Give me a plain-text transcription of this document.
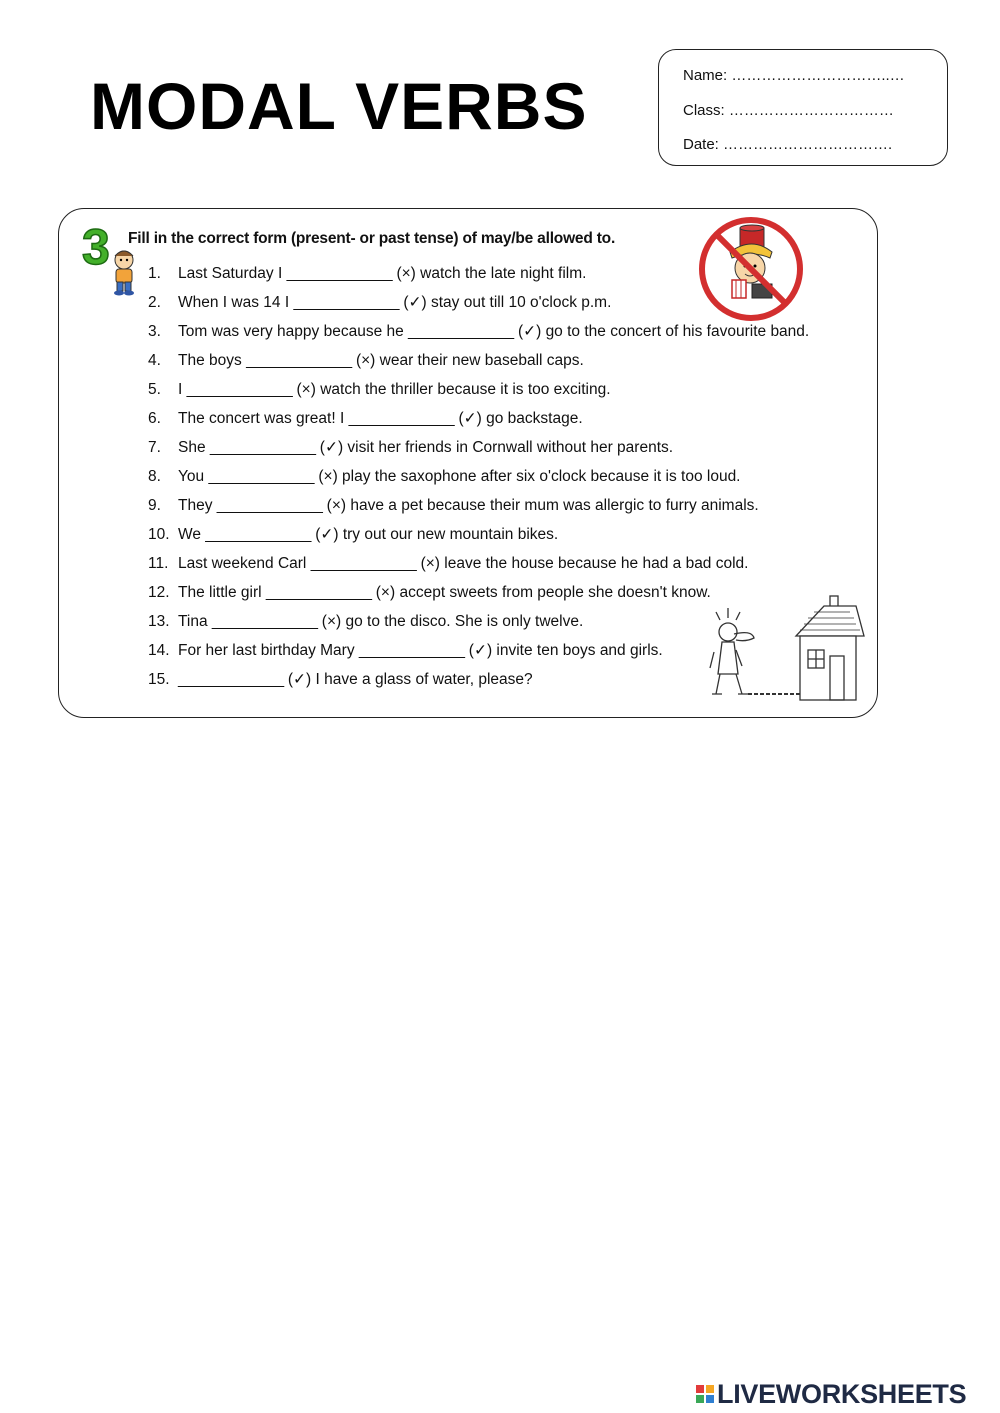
MODAL VERBS	Name: …………………………..…
Class: ……………………………
Date: …………………………….
3 Fill in the correct form (present- or past tense) of may/be allowed to.
1. Last Saturday I _____________ (×) watch the late night film.
2. When I was 14 I _____________ (✓) stay out till 10 o'clock p.m.
3. Tom was very happy because he _____________ (✓) go to the concert of his favourite band.
4. The boys _____________ (×) wear their new baseball caps.
5. I _____________ (×) watch the thriller because it is too exciting.
6. The concert was great! I _____________ (✓) go backstage.
7. She _____________ (✓) visit her friends in Cornwall without her parents.
8. You _____________ (×) play the saxophone after six o'clock because it is too loud.
9. They _____________ (×) have a pet because their mum was allergic to furry animals.
10. We _____________ (✓) try out our new mountain bikes.
11. Last weekend Carl _____________ (×) leave the house because he had a bad cold.
12. The little girl _____________ (×) accept sweets from people she doesn't know.
13. Tina _____________ (×) go to the disco. She is only twelve.
14. For her last birthday Mary _____________ (✓) invite ten boys and girls.
15. _____________ (✓) I have a glass of water, please?
LIVEWORKSHEETS
